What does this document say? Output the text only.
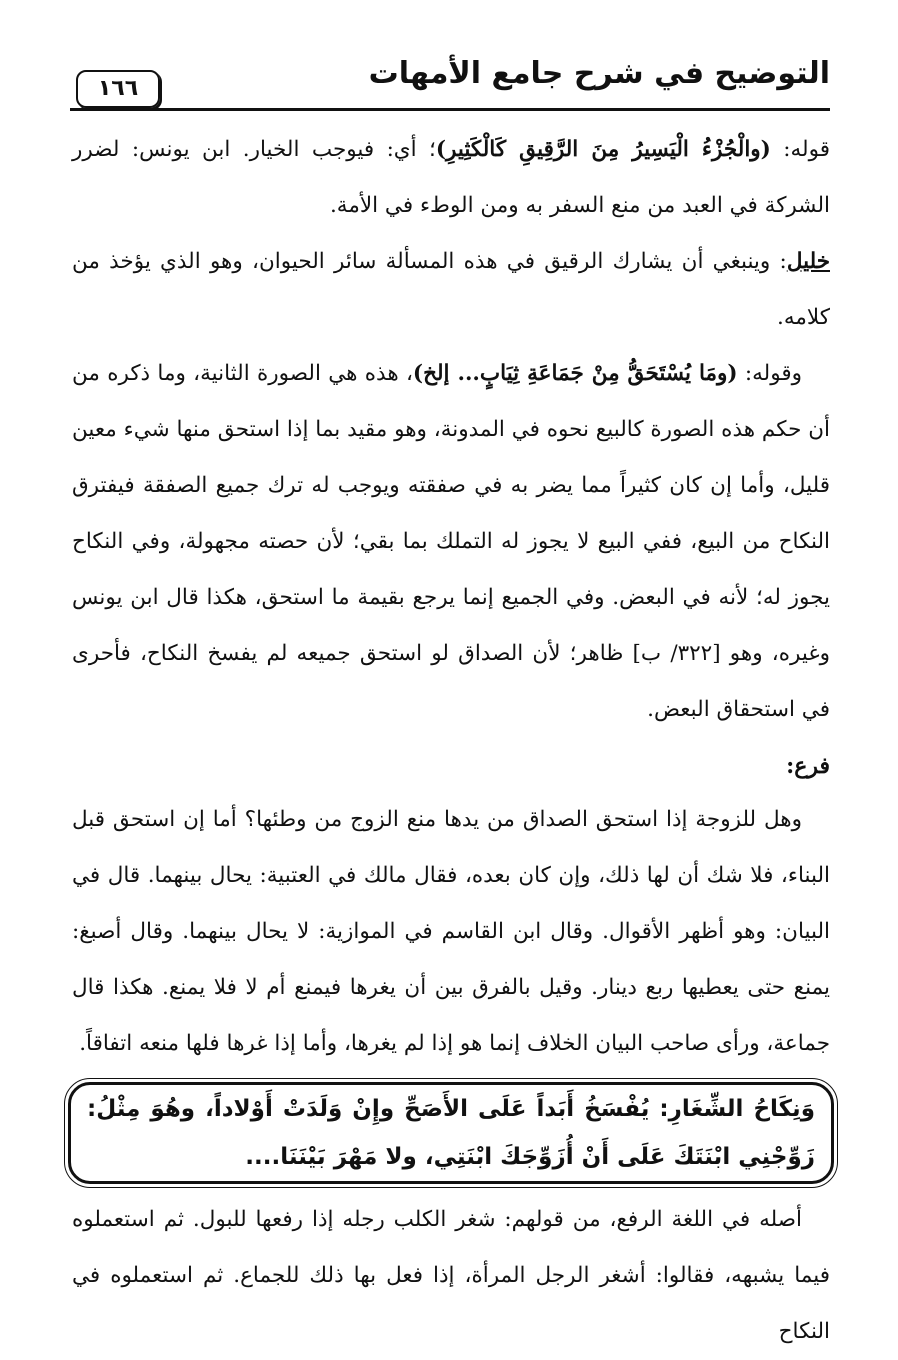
التوضيح في شرح جامع الأمهات
١٦٦

قوله: (والْجُزْءُ الْيَسِيرُ مِنَ الرَّقِيقِ كَالْكَثِيرِ)؛ أي: فيوجب الخيار. ابن يونس: لضرر الشركة في العبد من منع السفر به ومن الوطء في الأمة.

خليل: وينبغي أن يشارك الرقيق في هذه المسألة سائر الحيوان، وهو الذي يؤخذ من كلامه.

وقوله: (ومَا يُسْتَحَقُّ مِنْ جَمَاعَةِ ثِيَابٍ... إلخ)، هذه هي الصورة الثانية، وما ذكره من أن حكم هذه الصورة كالبيع نحوه في المدونة، وهو مقيد بما إذا استحق منها شيء معين قليل، وأما إن كان كثيراً مما يضر به في صفقته ويوجب له ترك جميع الصفقة فيفترق النكاح من البيع، ففي البيع لا يجوز له التملك بما بقي؛ لأن حصته مجهولة، وفي النكاح يجوز له؛ لأنه في البعض. وفي الجميع إنما يرجع بقيمة ما استحق، هكذا قال ابن يونس وغيره، وهو [٣٢٢/ ب] ظاهر؛ لأن الصداق لو استحق جميعه لم يفسخ النكاح، فأحرى في استحقاق البعض.

فرع:

وهل للزوجة إذا استحق الصداق من يدها منع الزوج من وطئها؟ أما إن استحق قبل البناء، فلا شك أن لها ذلك، وإن كان بعده، فقال مالك في العتبية: يحال بينهما. قال في البيان: وهو أظهر الأقوال. وقال ابن القاسم في الموازية: لا يحال بينهما. وقال أصبغ: يمنع حتى يعطيها ربع دينار. وقيل بالفرق بين أن يغرها فيمنع أم لا فلا يمنع. هكذا قال جماعة، ورأى صاحب البيان الخلاف إنما هو إذا لم يغرها، وأما إذا غرها فلها منعه اتفاقاً.

وَنِكَاحُ الشِّغَارِ: يُفْسَخُ أَبَداً عَلَى الأَصَحِّ وإِنْ وَلَدَتْ أَوْلاداً، وهُوَ مِثْلُ: زَوِّجْنِي ابْنَتَكَ عَلَى أَنْ أُزَوِّجَكَ ابْنَتِي، ولا مَهْرَ بَيْنَنَا....

أصله في اللغة الرفع، من قولهم: شغر الكلب رجله إذا رفعها للبول. ثم استعملوه فيما يشبهه، فقالوا: أشغر الرجل المرأة، إذا فعل بها ذلك للجماع. ثم استعملوه في النكاح
